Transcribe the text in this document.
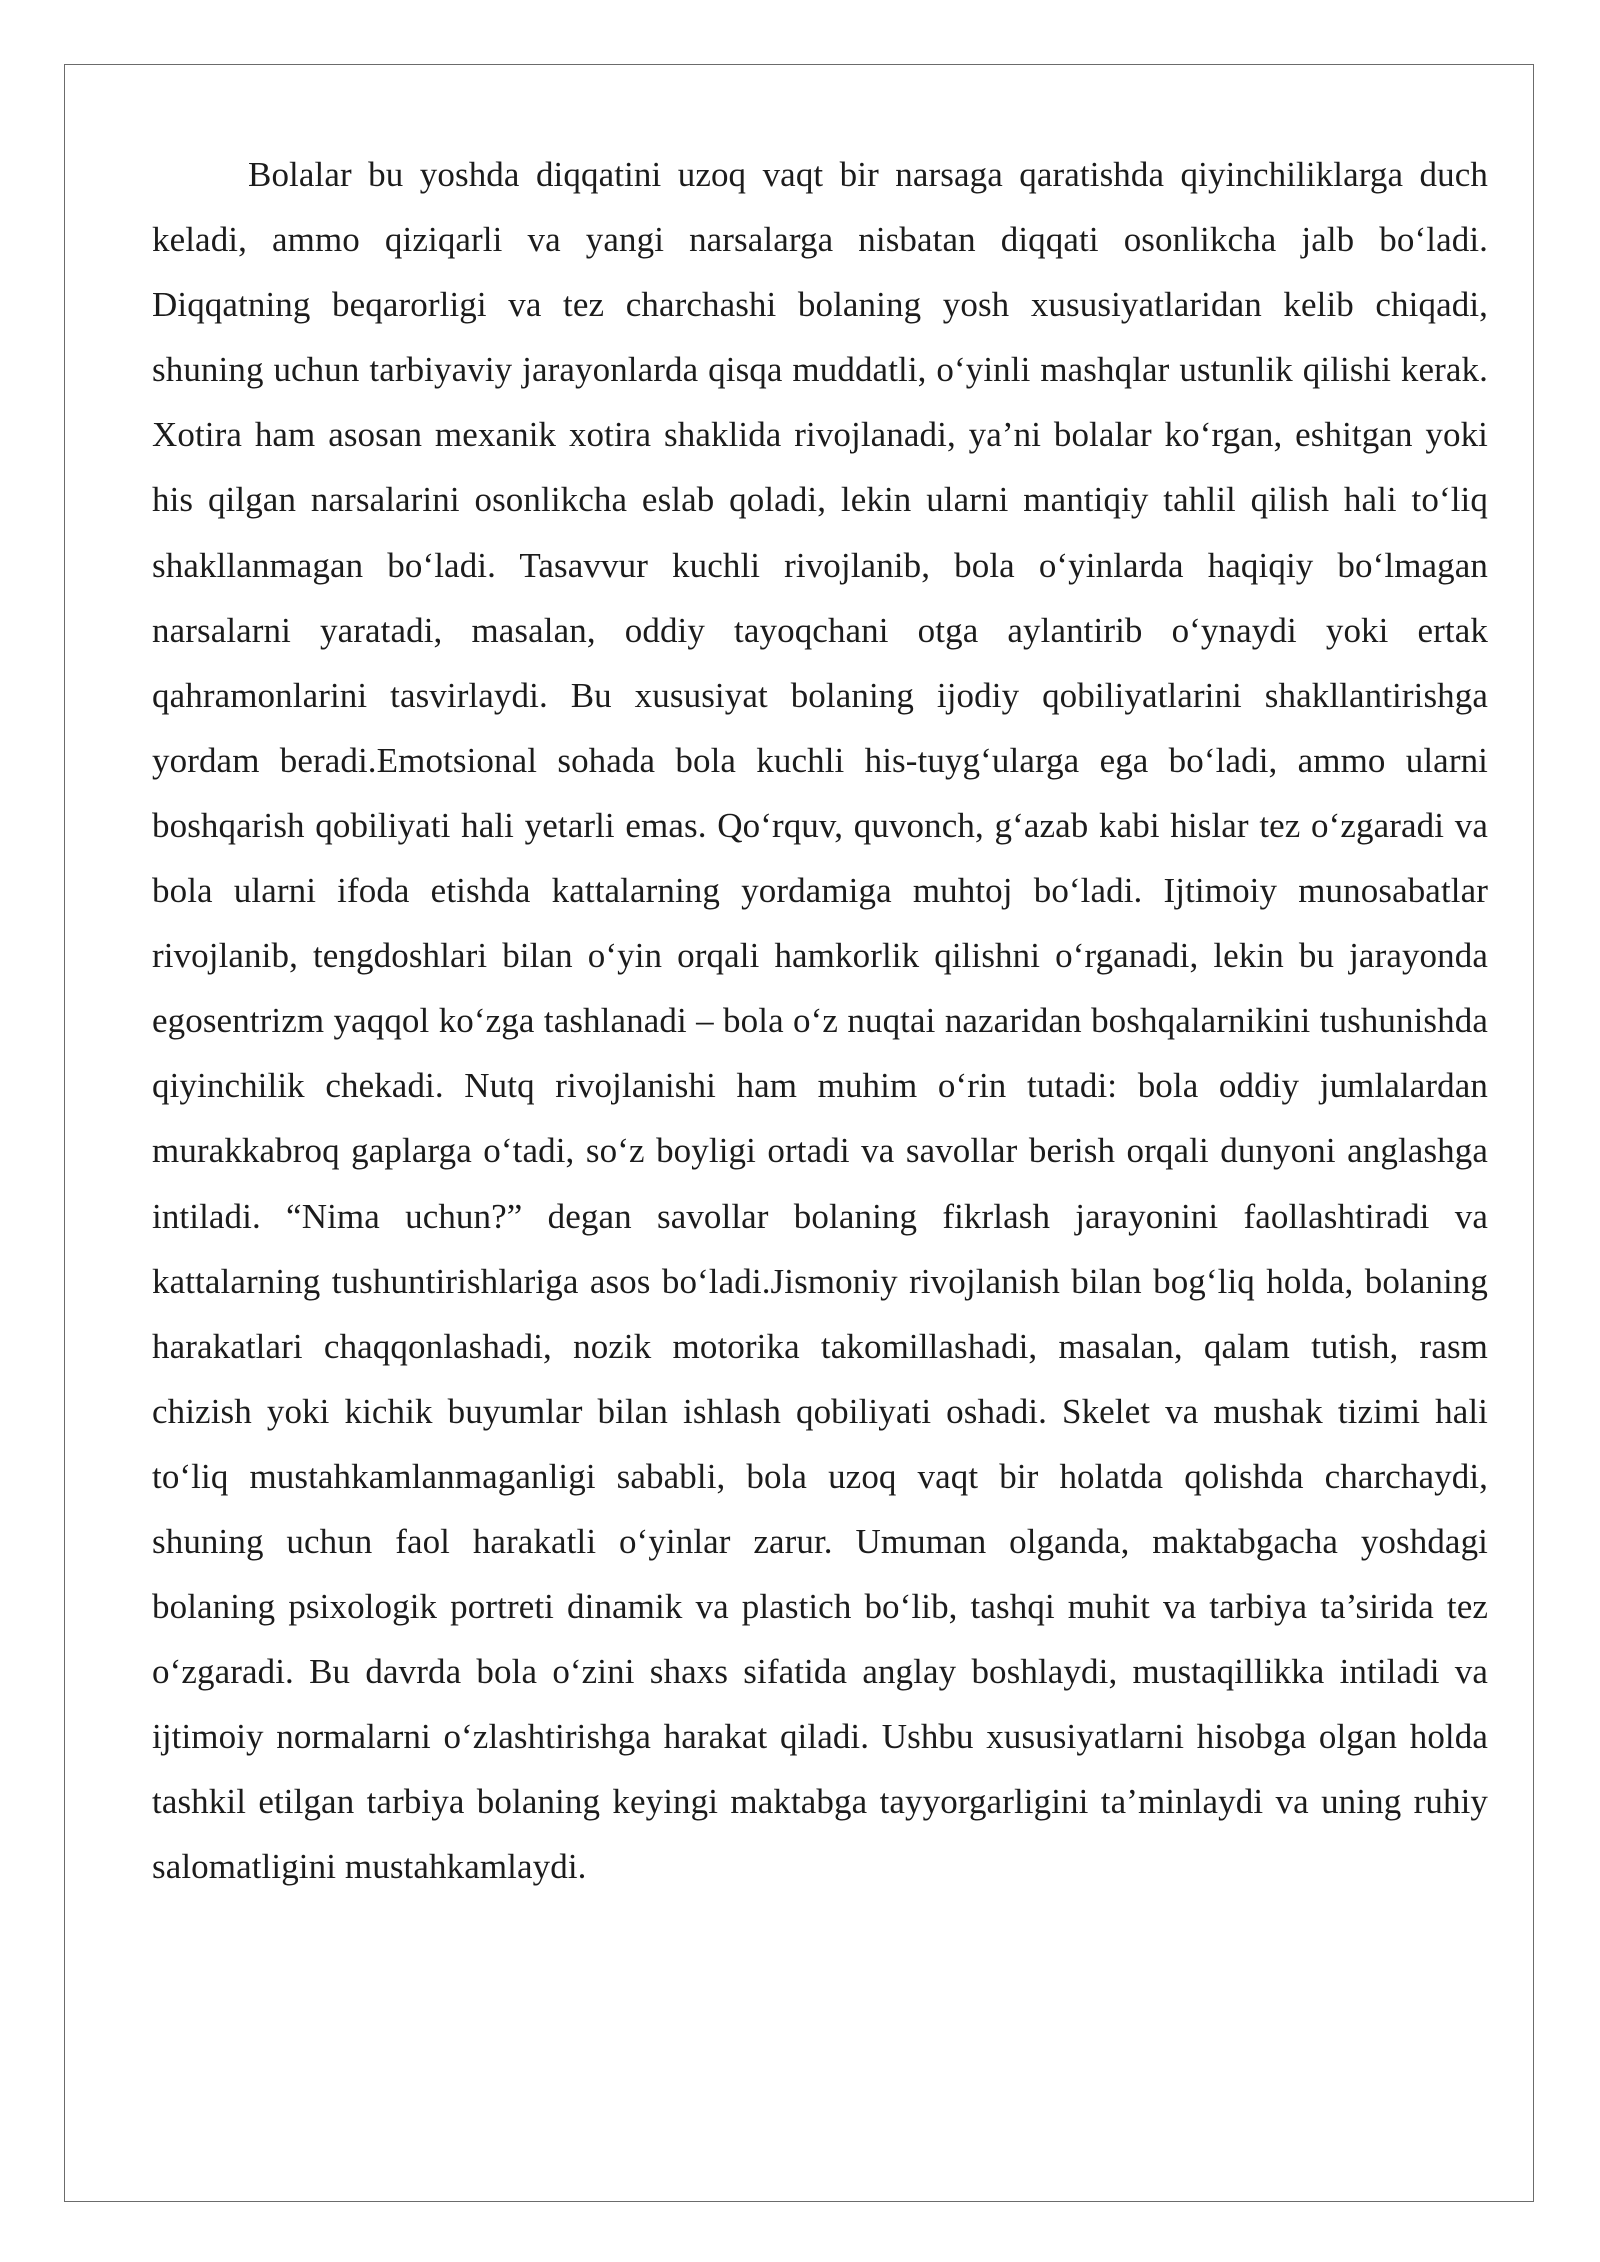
Bolalar bu yoshda diqqatini uzoq vaqt bir narsaga qaratishda qiyinchiliklarga duch keladi, ammo qiziqarli va yangi narsalarga nisbatan diqqati osonlikcha jalb boʻladi. Diqqatning beqarorligi va tez charchashi bolaning yosh xususiyatlaridan kelib chiqadi, shuning uchun tarbiyaviy jarayonlarda qisqa muddatli, oʻyinli mashqlar ustunlik qilishi kerak. Xotira ham asosan mexanik xotira shaklida rivojlanadi, ya’ni bolalar koʻrgan, eshitgan yoki his qilgan narsalarini osonlikcha eslab qoladi, lekin ularni mantiqiy tahlil qilish hali toʻliq shakllanmagan boʻladi. Tasavvur kuchli rivojlanib, bola oʻyinlarda haqiqiy boʻlmagan narsalarni yaratadi, masalan, oddiy tayoqchani otga aylantirib oʻynaydi yoki ertak qahramonlarini tasvirlaydi. Bu xususiyat bolaning ijodiy qobiliyatlarini shakllantirishga yordam beradi.Emotsional sohada bola kuchli his-tuygʻularga ega boʻladi, ammo ularni boshqarish qobiliyati hali yetarli emas. Qoʻrquv, quvonch, gʻazab kabi hislar tez oʻzgaradi va bola ularni ifoda etishda kattalarning yordamiga muhtoj boʻladi. Ijtimoiy munosabatlar rivojlanib, tengdoshlari bilan oʻyin orqali hamkorlik qilishni oʻrganadi, lekin bu jarayonda egosentrizm yaqqol koʻzga tashlanadi – bola oʻz nuqtai nazaridan boshqalarnikini tushunishda qiyinchilik chekadi. Nutq rivojlanishi ham muhim oʻrin tutadi: bola oddiy jumlalardan murakkabroq gaplarga oʻtadi, soʻz boyligi ortadi va savollar berish orqali dunyoni anglashga intiladi. “Nima uchun?” degan savollar bolaning fikrlash jarayonini faollashtiradi va kattalarning tushuntirishlariga asos boʻladi.Jismoniy rivojlanish bilan bogʻliq holda, bolaning harakatlari chaqqonlashadi, nozik motorika takomillashadi, masalan, qalam tutish, rasm chizish yoki kichik buyumlar bilan ishlash qobiliyati oshadi. Skelet va mushak tizimi hali toʻliq mustahkamlanmaganligi sababli, bola uzoq vaqt bir holatda qolishda charchaydi, shuning uchun faol harakatli oʻyinlar zarur. Umuman olganda, maktabgacha yoshdagi bolaning psixologik portreti dinamik va plastich boʻlib, tashqi muhit va tarbiya ta’sirida tez oʻzgaradi. Bu davrda bola oʻzini shaxs sifatida anglay boshlaydi, mustaqillikka intiladi va ijtimoiy normalarni oʻzlashtirishga harakat qiladi. Ushbu xususiyatlarni hisobga olgan holda tashkil etilgan tarbiya bolaning keyingi maktabga tayyorgarligini ta’minlaydi va uning ruhiy salomatligini mustahkamlaydi.
